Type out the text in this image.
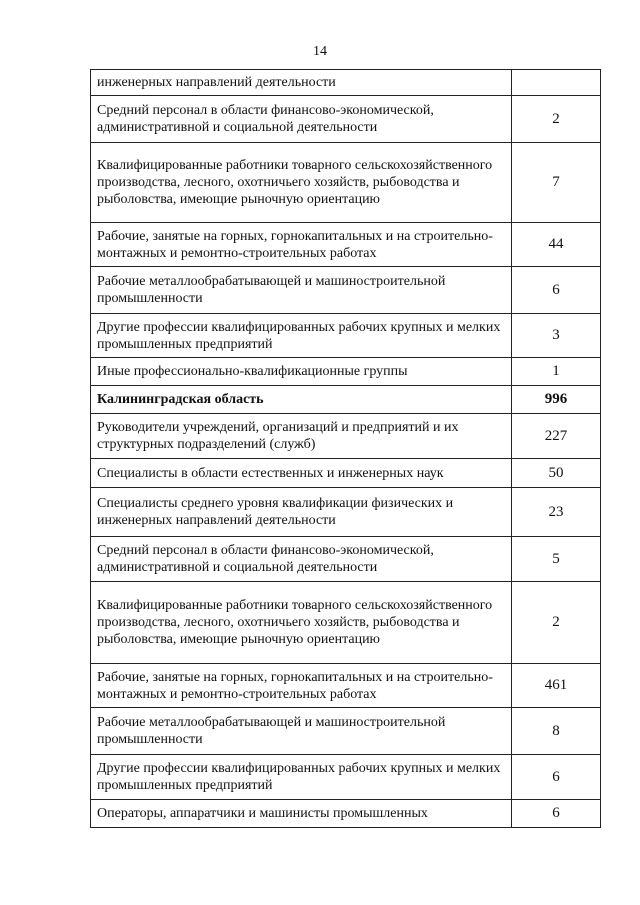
14
инженерных направлений деятельности	
Средний персонал в области финансово-экономической, административной и социальной деятельности	2
Квалифицированные работники товарного сельскохозяйственного производства, лесного, охотничьего хозяйств, рыбоводства и рыболовства, имеющие рыночную ориентацию	7
Рабочие, занятые на горных, горнокапитальных и на строительно-монтажных и ремонтно-строительных работах	44
Рабочие металлообрабатывающей и машиностроительной промышленности	6
Другие профессии квалифицированных рабочих крупных и мелких промышленных предприятий	3
Иные профессионально-квалификационные группы	1
Калининградская область	996
Руководители учреждений, организаций и предприятий и их структурных подразделений (служб)	227
Специалисты в области естественных и инженерных наук	50
Специалисты среднего уровня квалификации физических и инженерных направлений деятельности	23
Средний персонал в области финансово-экономической, административной и социальной деятельности	5
Квалифицированные работники товарного сельскохозяйственного производства, лесного, охотничьего хозяйств, рыбоводства и рыболовства, имеющие рыночную ориентацию	2
Рабочие, занятые на горных, горнокапитальных и на строительно-монтажных и ремонтно-строительных работах	461
Рабочие металлообрабатывающей и машиностроительной промышленности	8
Другие профессии квалифицированных рабочих крупных и мелких промышленных предприятий	6
Операторы, аппаратчики и машинисты промышленных	6
